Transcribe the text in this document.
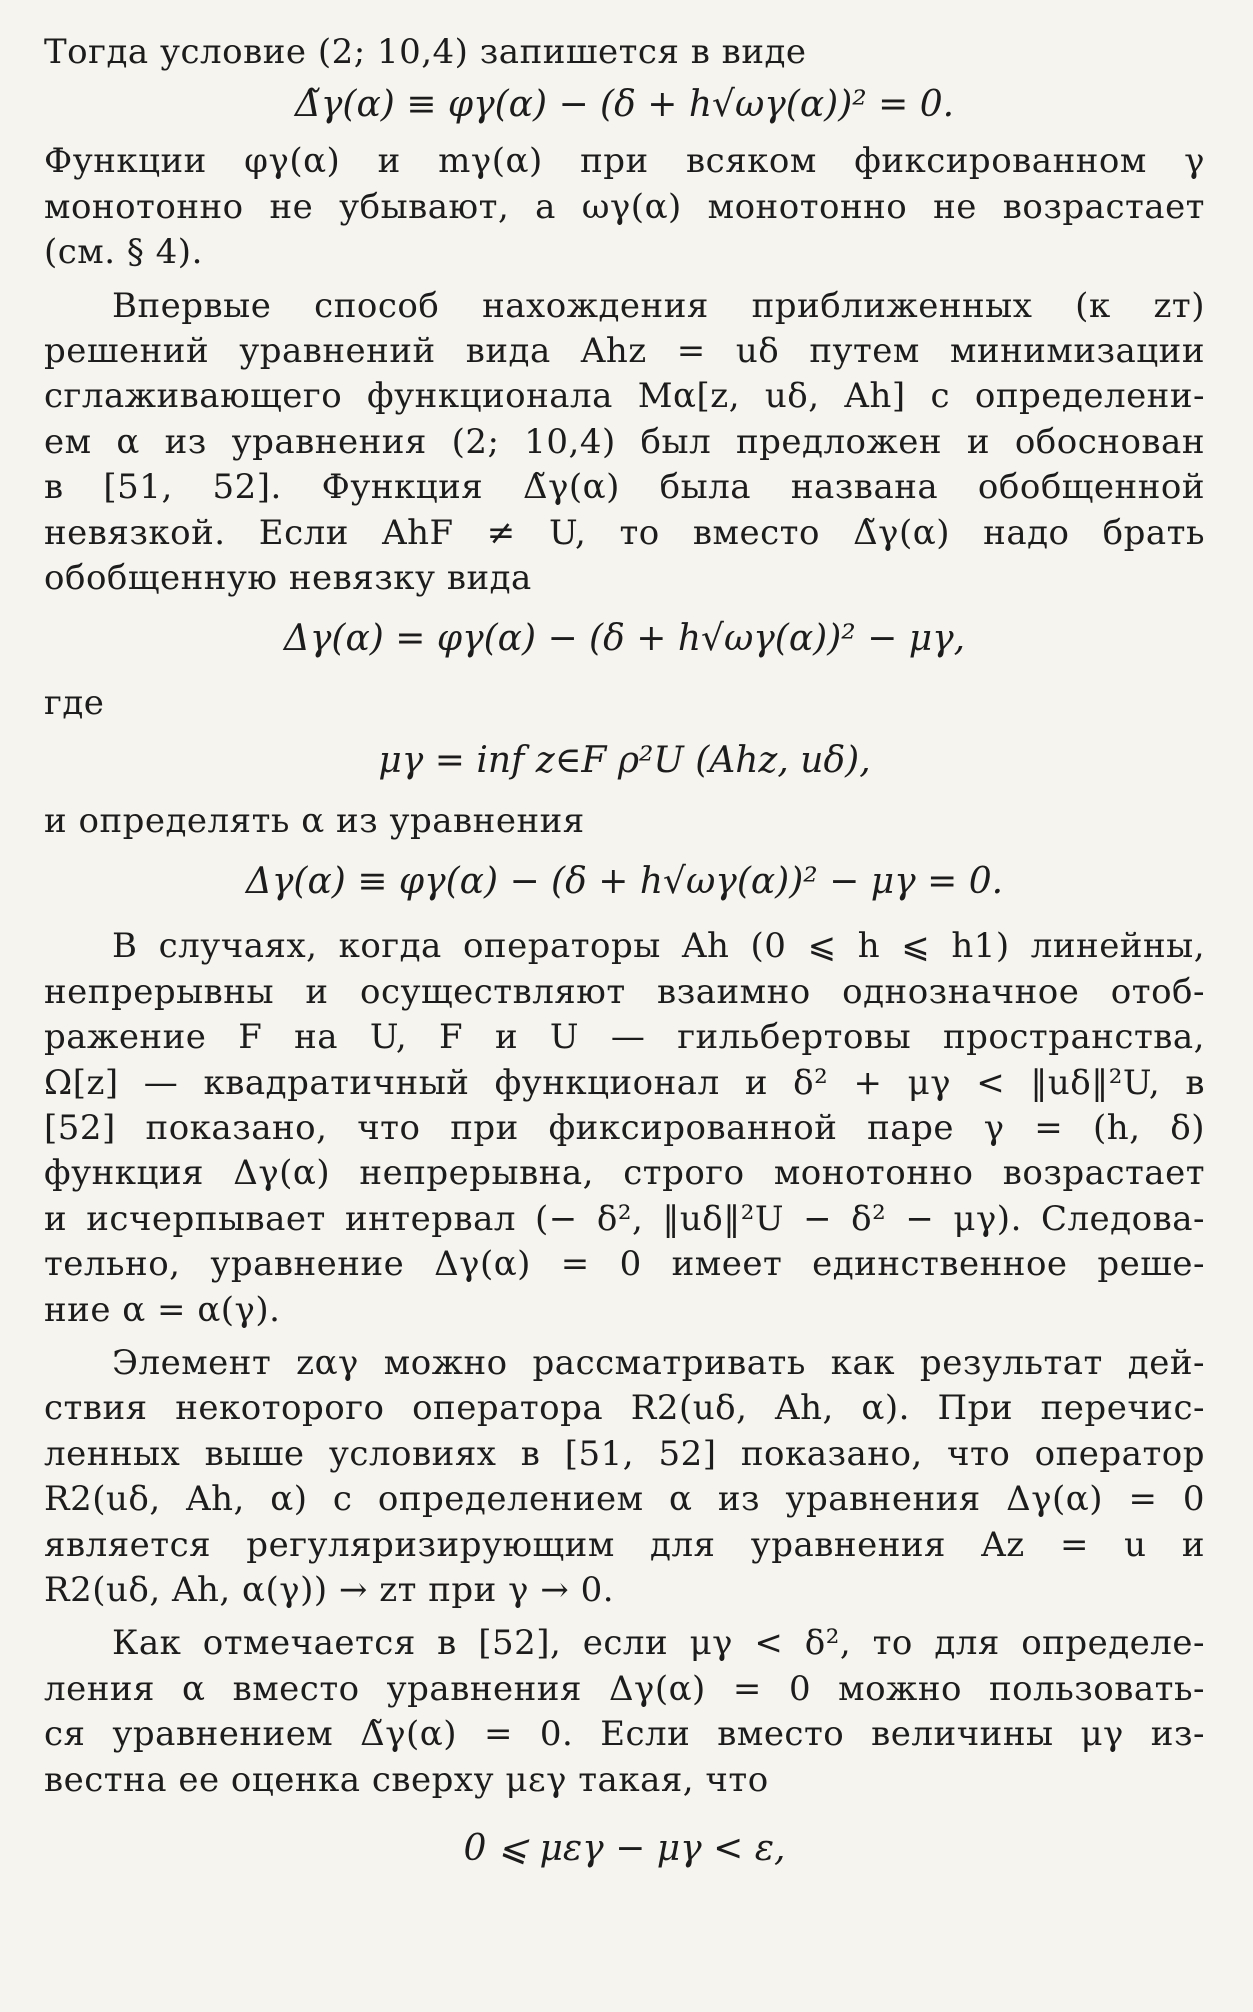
Тогда условие (2; 10,4) запишется в виде
Δ̃γ(α) ≡ φγ(α) − (δ + h√ωγ(α))² = 0.
Функции φγ(α) и mγ(α) при всяком фиксированном γ
монотонно не убывают, а ωγ(α) монотонно не возрастает
(см. § 4).
Впервые способ нахождения приближенных (к zт)
решений уравнений вида Ahz = uδ путем минимизации
сглаживающего функционала Mα[z, uδ, Ah] с определени-
ем α из уравнения (2; 10,4) был предложен и обоснован
в [51, 52]. Функция Δ̃γ(α) была названа обобщенной
невязкой. Если AhF ≠ U, то вместо Δ̃γ(α) надо брать
обобщенную невязку вида
Δγ(α) = φγ(α) − (δ + h√ωγ(α))² − μγ,
где
μγ = inf z∈F ρ²U (Ahz, uδ),
и определять α из уравнения
Δγ(α) ≡ φγ(α) − (δ + h√ωγ(α))² − μγ = 0.
В случаях, когда операторы Ah (0 ⩽ h ⩽ h1) линейны,
непрерывны и осуществляют взаимно однозначное отоб-
ражение F на U, F и U — гильбертовы пространства,
Ω[z] — квадратичный функционал и δ² + μγ < ‖uδ‖²U, в
[52] показано, что при фиксированной паре γ = (h, δ)
функция Δγ(α) непрерывна, строго монотонно возрастает
и исчерпывает интервал (− δ², ‖uδ‖²U − δ² − μγ). Следова-
тельно, уравнение Δγ(α) = 0 имеет единственное реше-
ние α = α(γ).
Элемент zαγ можно рассматривать как результат дей-
ствия некоторого оператора R2(uδ, Ah, α). При перечис-
ленных выше условиях в [51, 52] показано, что оператор
R2(uδ, Ah, α) с определением α из уравнения Δγ(α) = 0
является регуляризирующим для уравнения Az = u и
R2(uδ, Ah, α(γ)) → zт при γ → 0.
Как отмечается в [52], если μγ < δ², то для определе-
ления α вместо уравнения Δγ(α) = 0 можно пользовать-
ся уравнением Δ̃γ(α) = 0. Если вместо величины μγ из-
вестна ее оценка сверху μεγ такая, что
0 ⩽ μεγ − μγ < ε,
